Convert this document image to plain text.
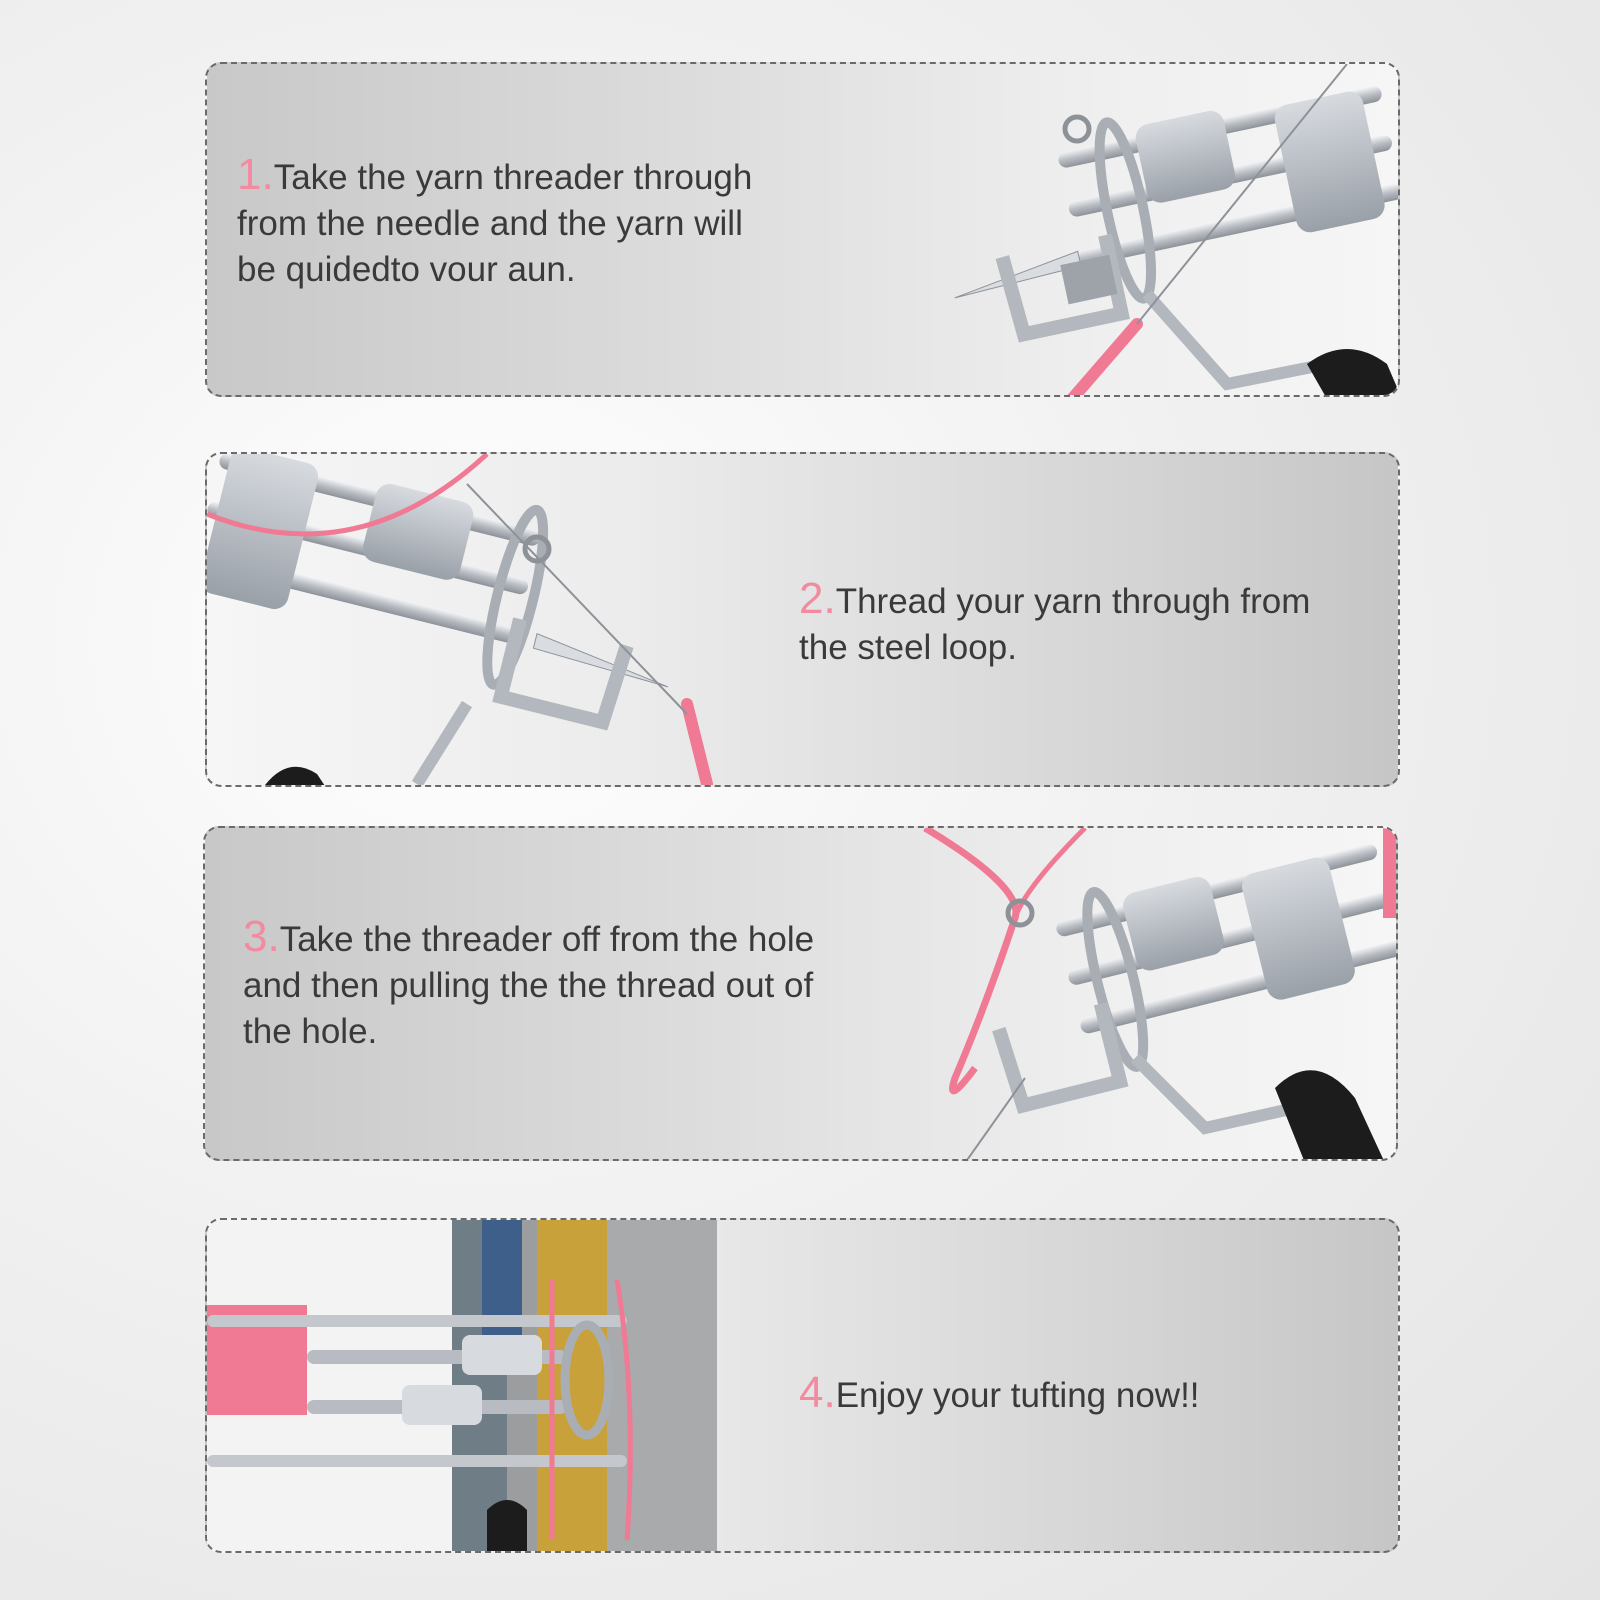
1.Take the yarn threader through
from the needle and the yarn will
be quidedto vour aun.
2.Thread your yarn through from
the steel loop.
3.Take the threader off from the hole
and then pulling the the thread out of
the hole.
4.Enjoy your tufting now!!
